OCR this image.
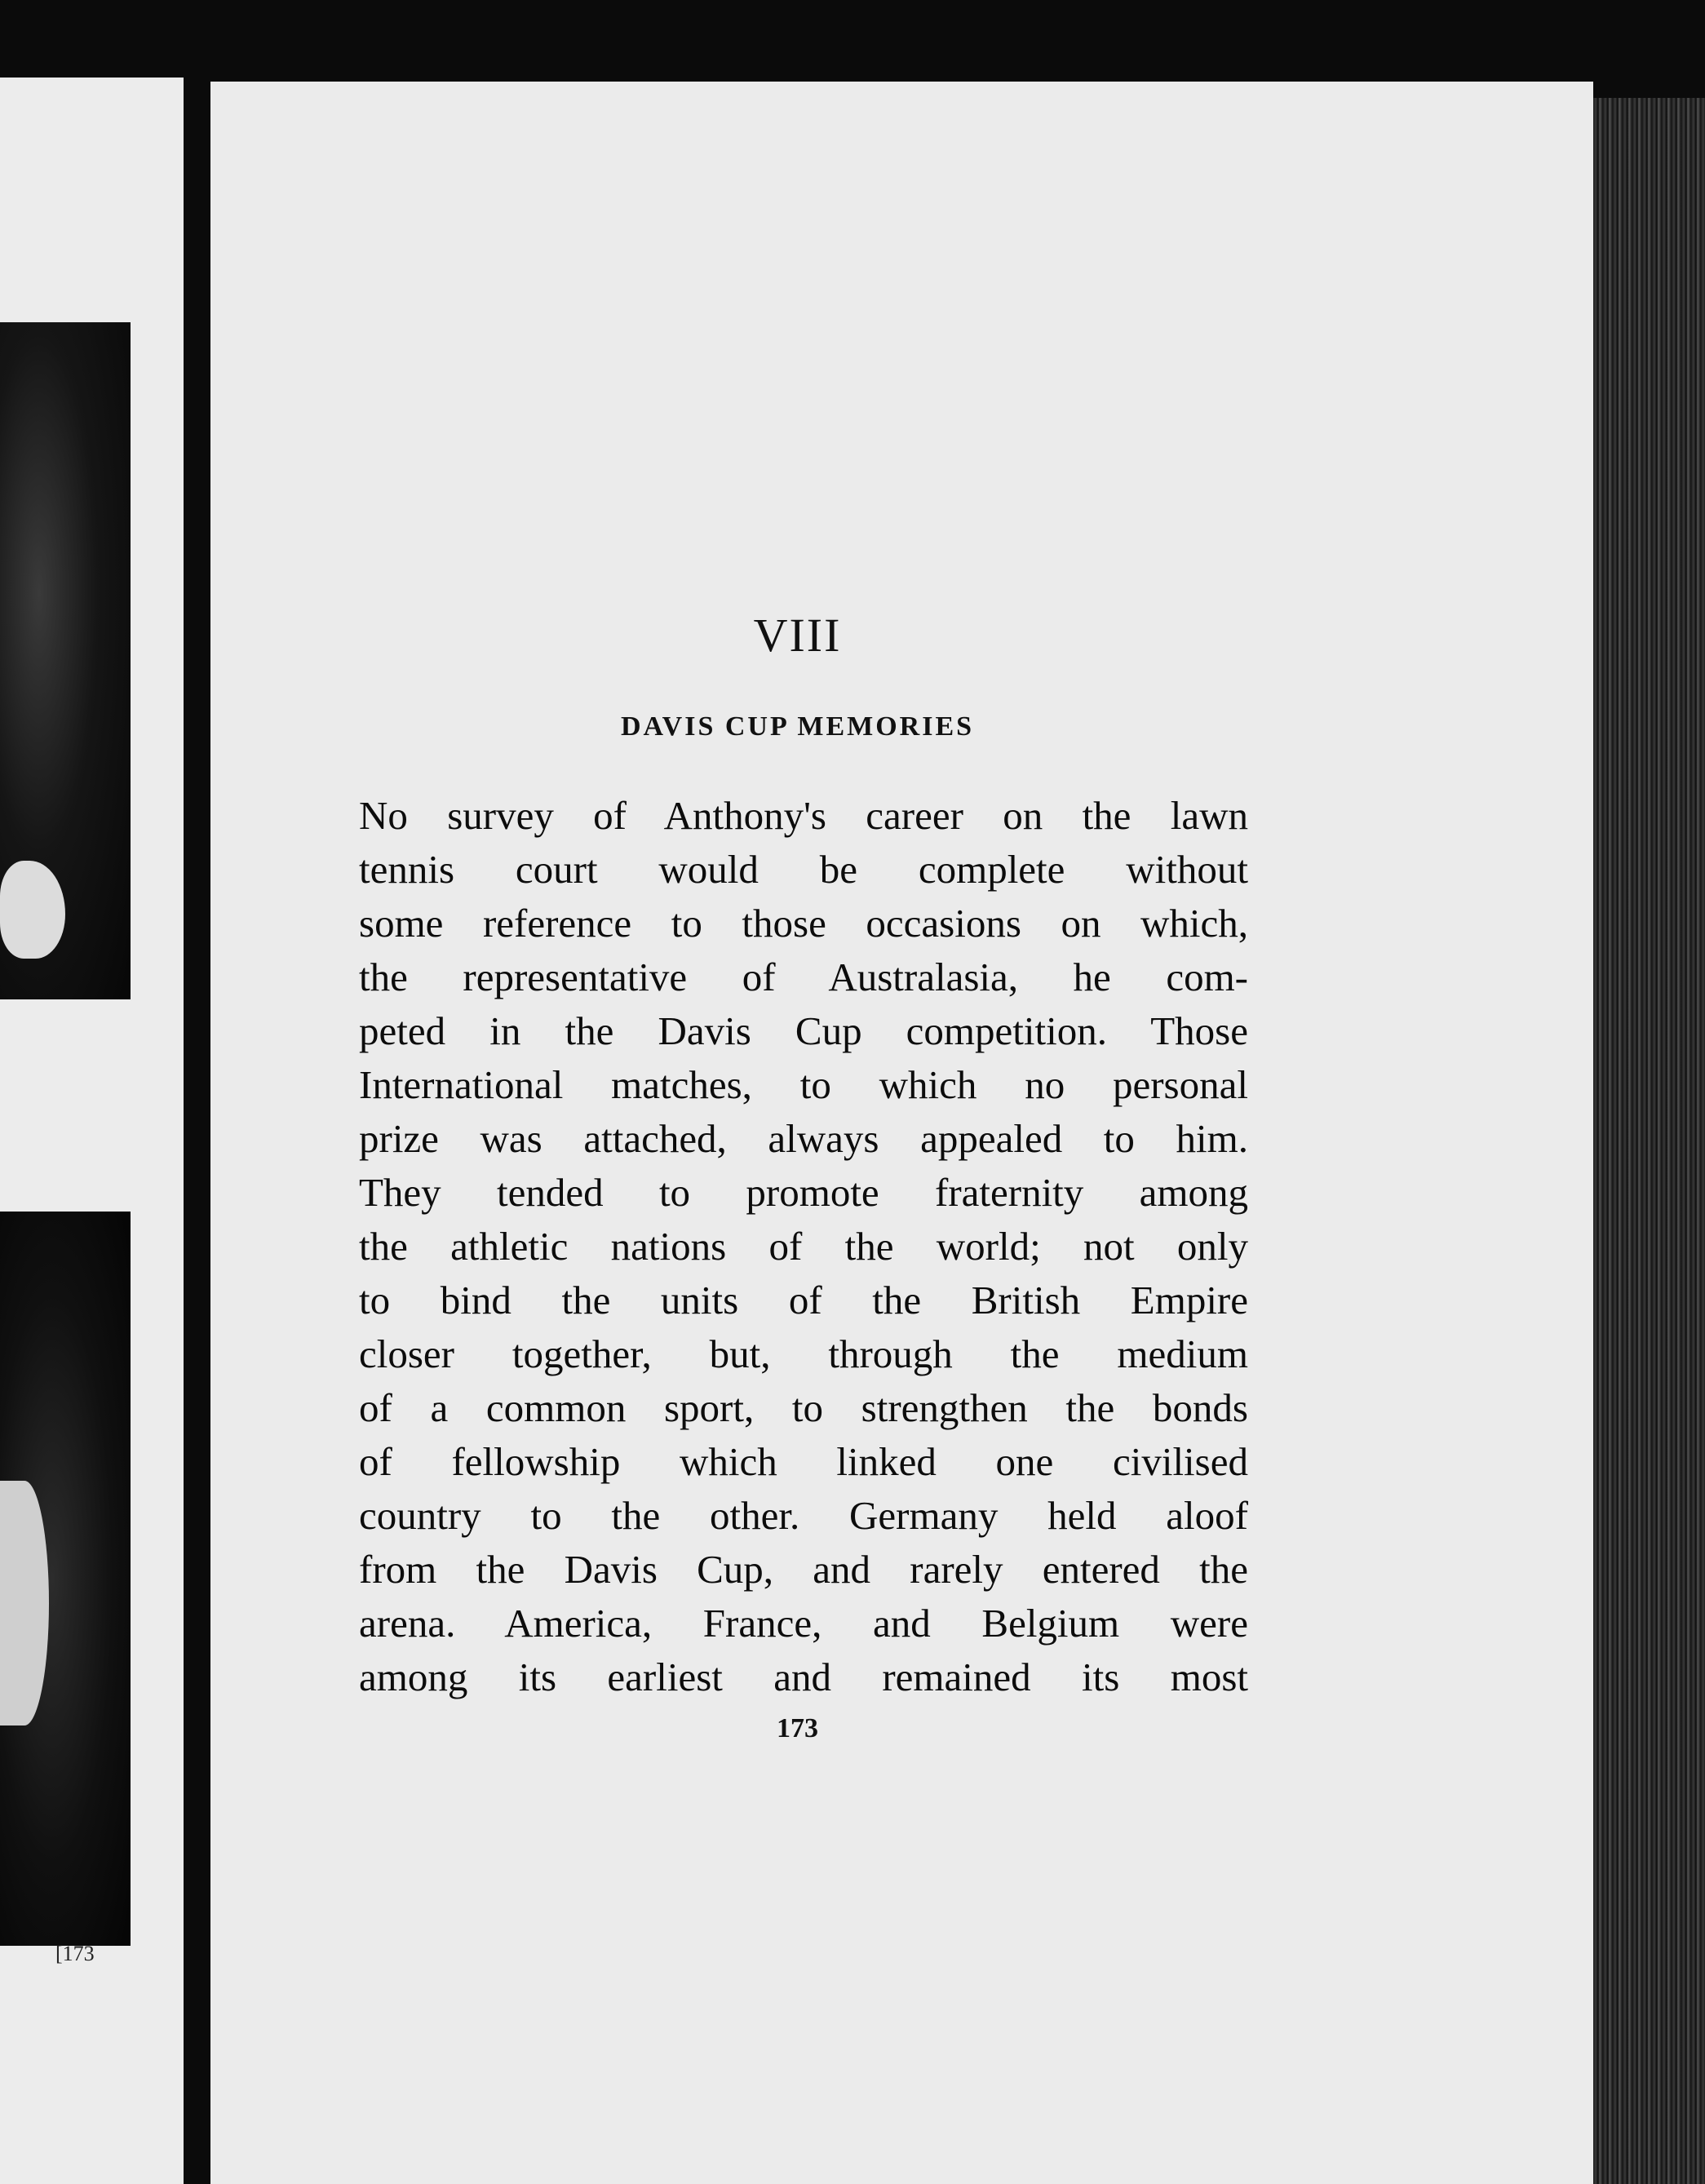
[173
VIII
DAVIS CUP MEMORIES
No survey of Anthony's career on the lawn
tennis court would be complete without
some reference to those occasions on which,
the representative of Australasia, he com-
peted in the Davis Cup competition. Those
International matches, to which no personal
prize was attached, always appealed to him.
They tended to promote fraternity among
the athletic nations of the world; not only
to bind the units of the British Empire
closer together, but, through the medium
of a common sport, to strengthen the bonds
of fellowship which linked one civilised
country to the other. Germany held aloof
from the Davis Cup, and rarely entered the
arena. America, France, and Belgium were
among its earliest and remained its most
173
